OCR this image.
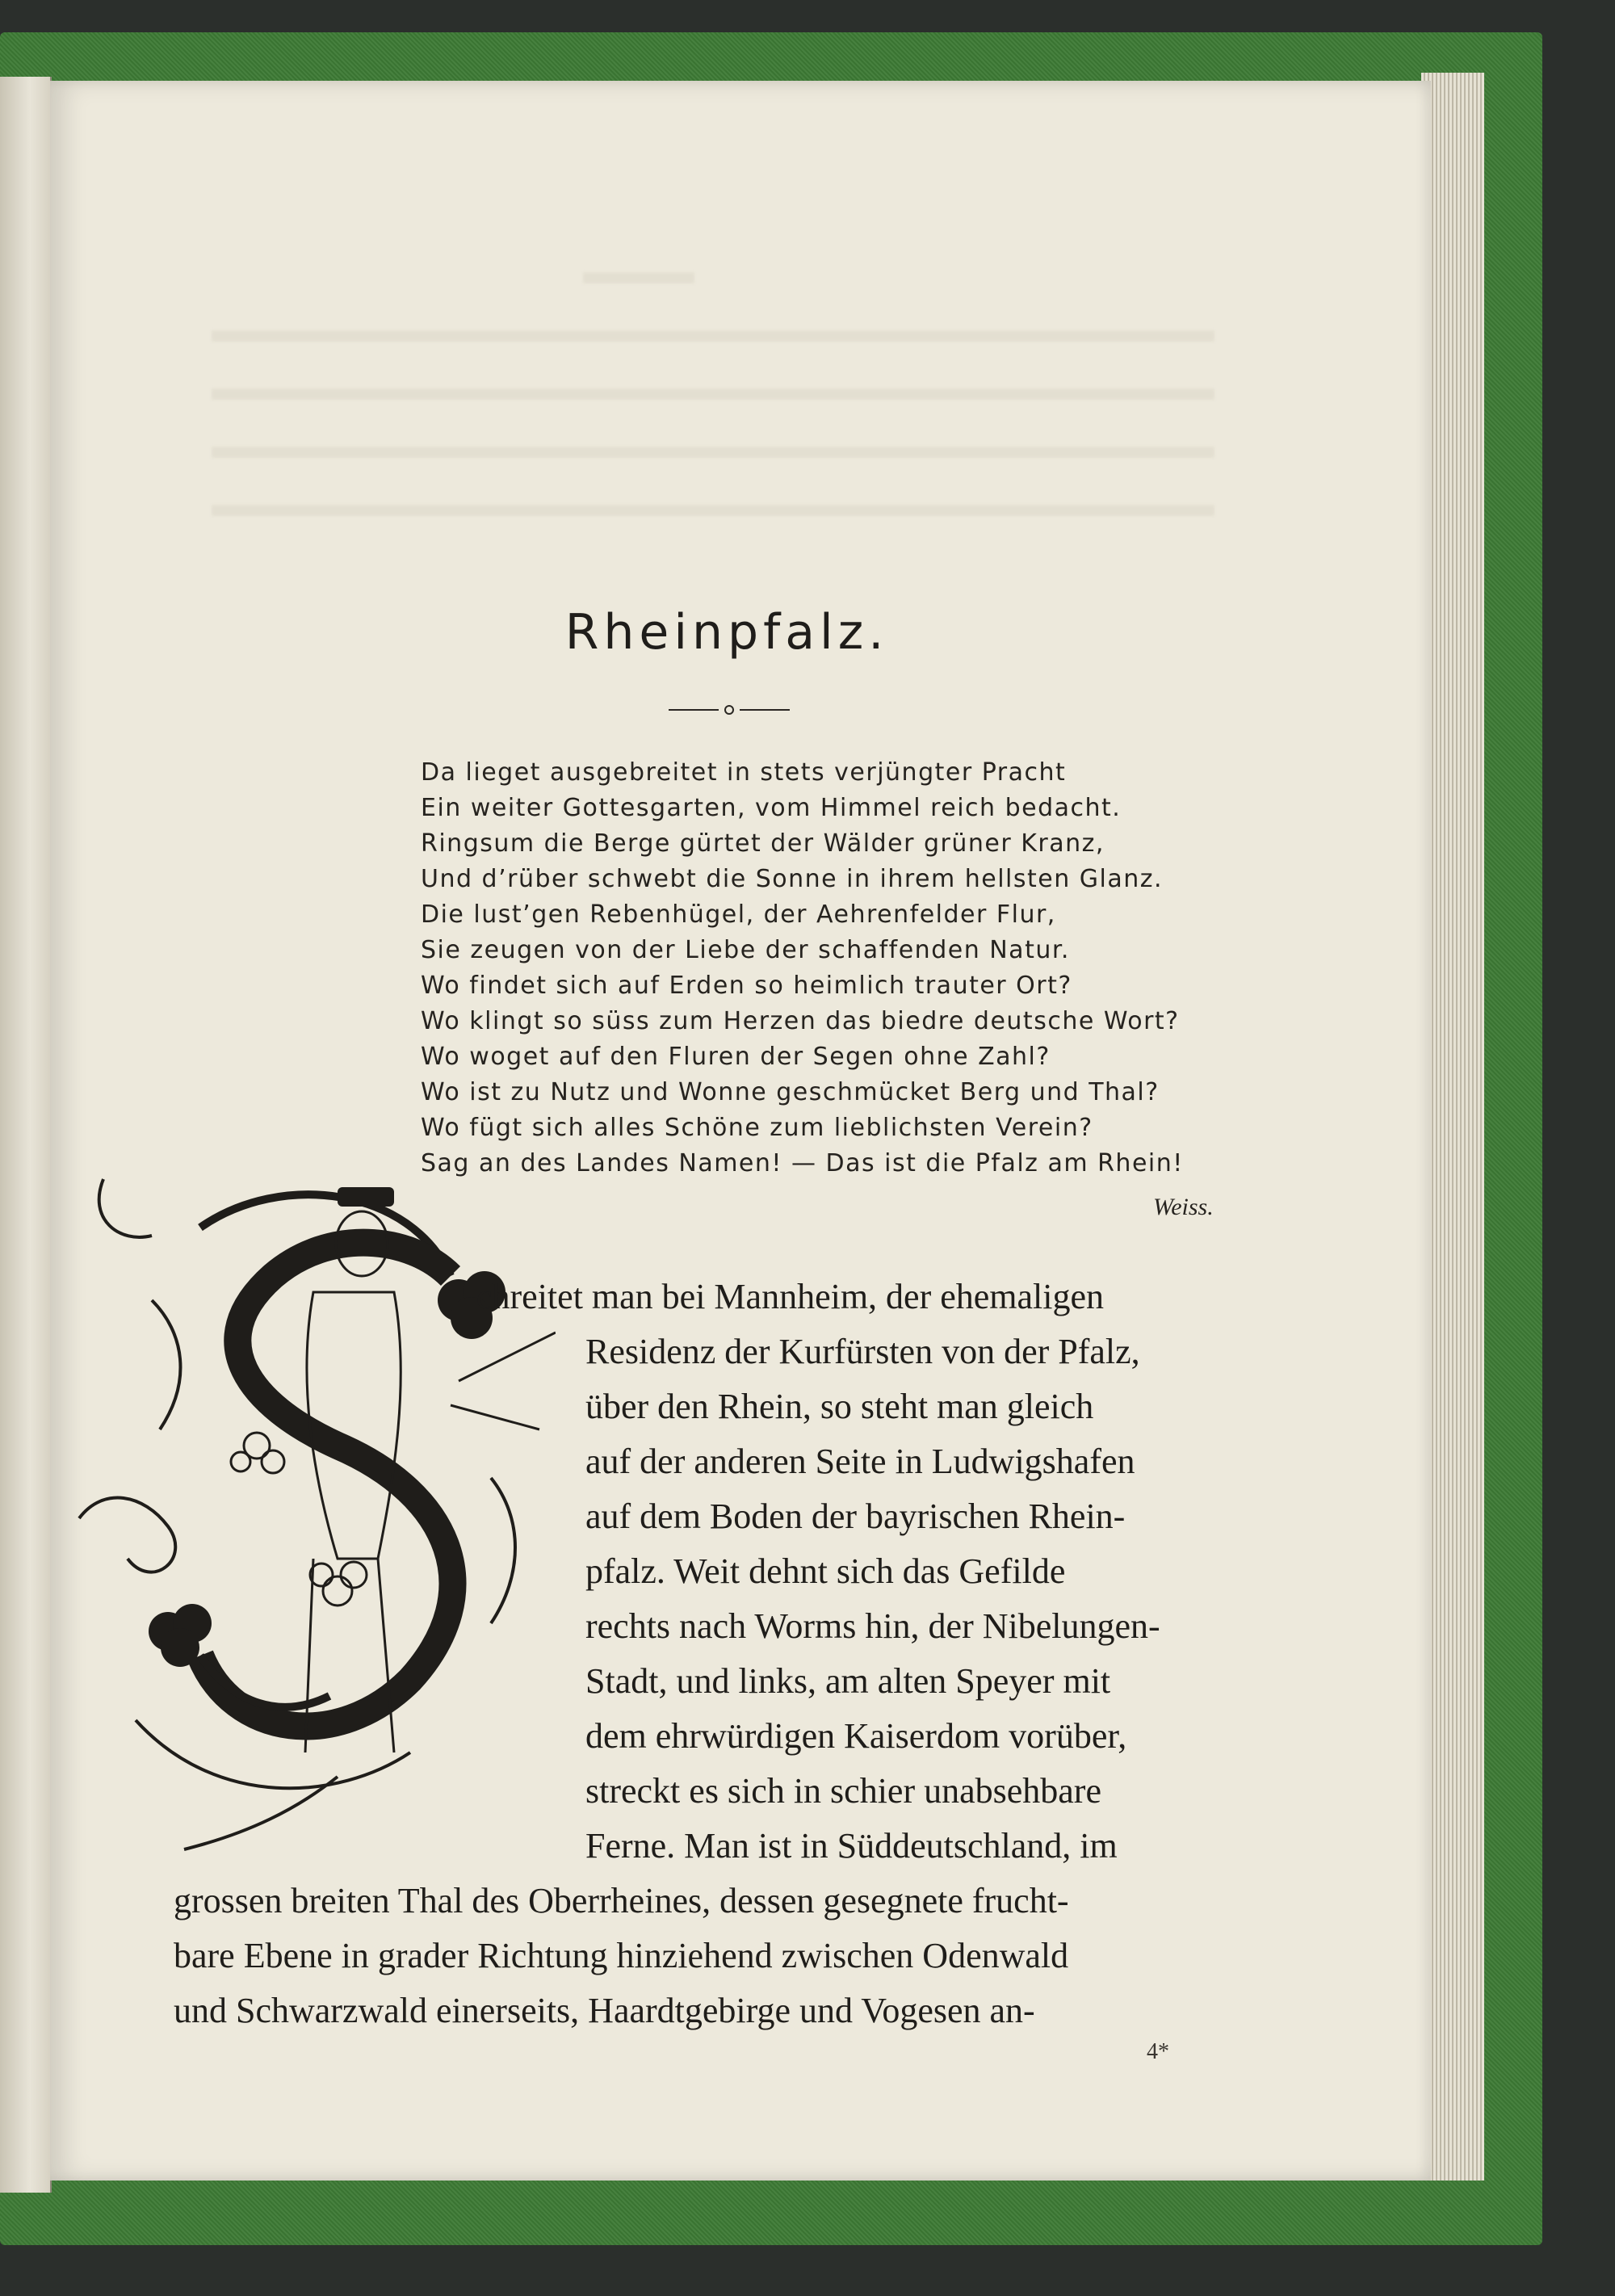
▬▬▬
▬▬▬▬▬▬▬▬▬▬▬▬▬▬▬▬▬▬▬▬▬▬▬▬▬▬▬
▬▬▬▬▬▬▬▬▬▬▬▬▬▬▬▬▬▬▬▬▬▬▬▬▬▬▬
▬▬▬▬▬▬▬▬▬▬▬▬▬▬▬▬▬▬▬▬▬▬▬▬▬▬▬
▬▬▬▬▬▬▬▬▬▬▬▬▬▬▬▬▬▬▬▬▬▬▬▬▬▬▬
Rheinpfalz.
Da lieget ausgebreitet in stets verjüngter Pracht
Ein weiter Gottesgarten, vom Himmel reich bedacht.
Ringsum die Berge gürtet der Wälder grüner Kranz,
Und d’rüber schwebt die Sonne in ihrem hellsten Glanz.
Die lust’gen Rebenhügel, der Aehrenfelder Flur,
Sie zeugen von der Liebe der schaffenden Natur.
Wo findet sich auf Erden so heimlich trauter Ort?
Wo klingt so süss zum Herzen das biedre deutsche Wort?
Wo woget auf den Fluren der Segen ohne Zahl?
Wo ist zu Nutz und Wonne geschmücket Berg und Thal?
Wo fügt sich alles Schöne zum lieblichsten Verein?
Sag an des Landes Namen! — Das ist die Pfalz am Rhein!
Weiss.
chreitet man bei Mannheim, der ehemaligen
Residenz der Kurfürsten von der Pfalz,
über den Rhein, so steht man gleich
auf der anderen Seite in Ludwigshafen
auf dem Boden der bayrischen Rhein-
pfalz. Weit dehnt sich das Gefilde
rechts nach Worms hin, der Nibelungen-
Stadt, und links, am alten Speyer mit
dem ehrwürdigen Kaiserdom vorüber,
streckt es sich in schier unabsehbare
Ferne. Man ist in Süddeutschland, im
grossen breiten Thal des Oberrheines, dessen gesegnete frucht-
bare Ebene in grader Richtung hinziehend zwischen Odenwald
und Schwarzwald einerseits, Haardtgebirge und Vogesen an-
4*
